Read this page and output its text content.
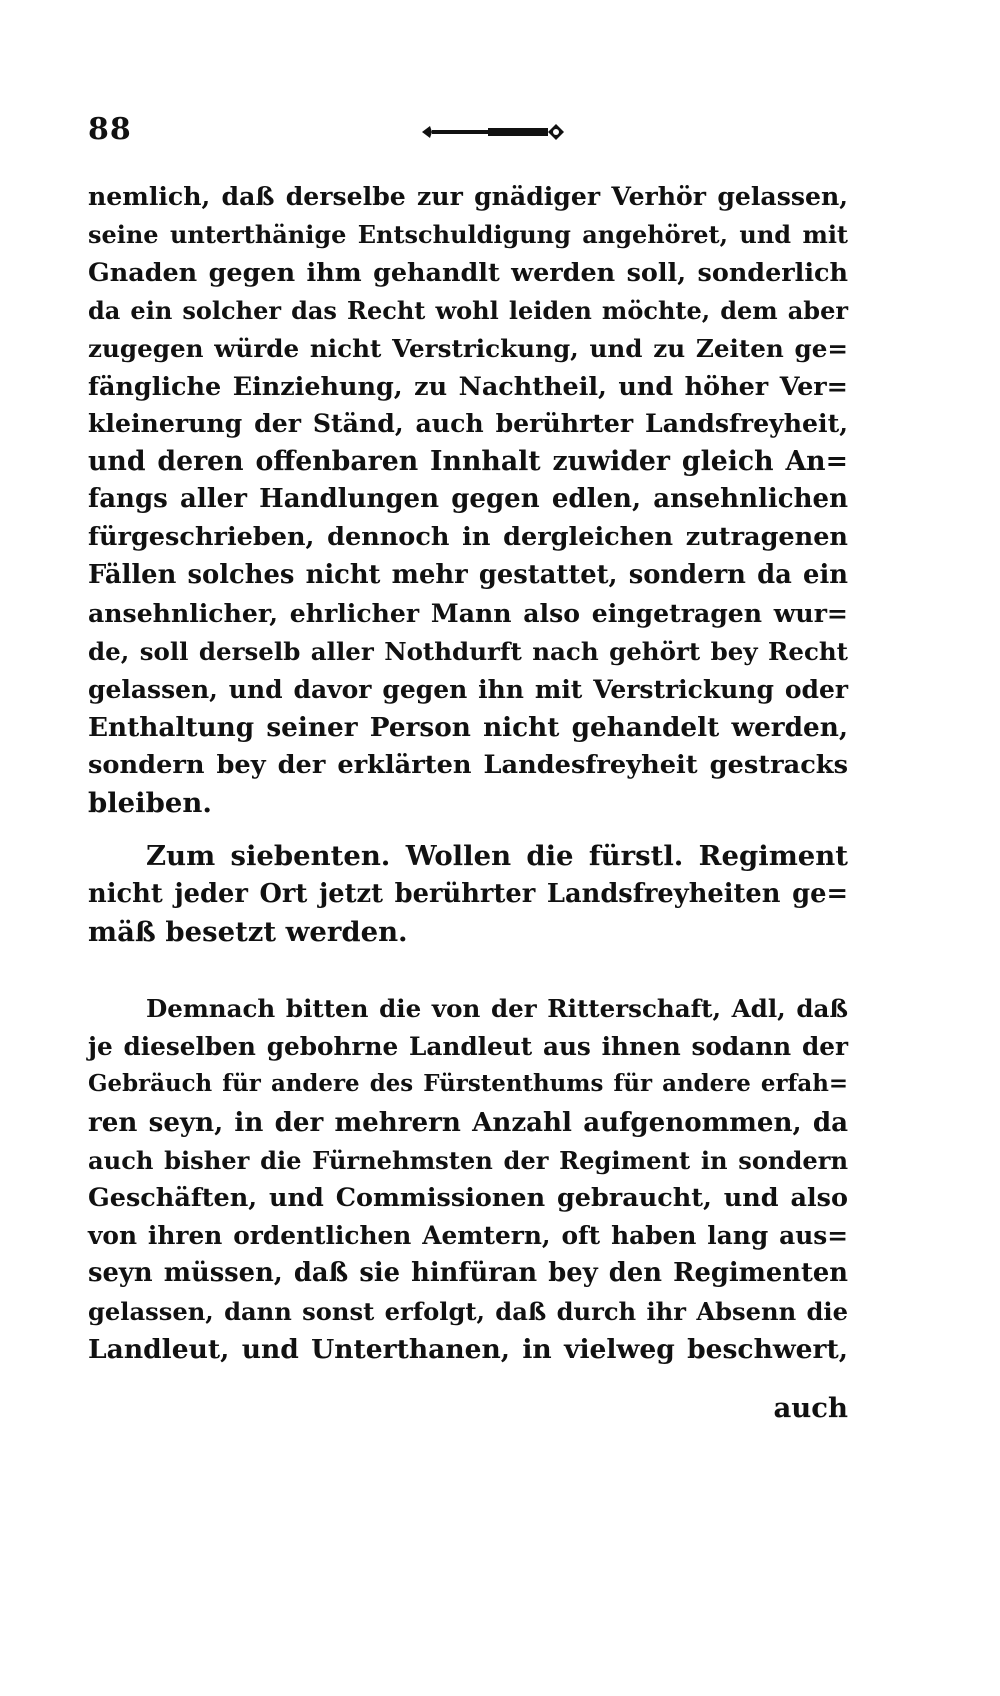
88
nemlich, daß derselbe zur gnädiger Verhör gelassen,
seine unterthänige Entschuldigung angehöret, und mit
Gnaden gegen ihm gehandlt werden soll, sonderlich
da ein solcher das Recht wohl leiden möchte, dem aber
zugegen würde nicht Verstrickung, und zu Zeiten ge=
fängliche Einziehung, zu Nachtheil, und höher Ver=
kleinerung der Ständ, auch berührter Landsfreyheit,
und deren offenbaren Innhalt zuwider gleich An=
fangs aller Handlungen gegen edlen, ansehnlichen
fürgeschrieben, dennoch in dergleichen zutragenen
Fällen solches nicht mehr gestattet, sondern da ein
ansehnlicher, ehrlicher Mann also eingetragen wur=
de, soll derselb aller Nothdurft nach gehört bey Recht
gelassen, und davor gegen ihn mit Verstrickung oder
Enthaltung seiner Person nicht gehandelt werden,
sondern bey der erklärten Landesfreyheit gestracks
bleiben.
Zum siebenten. Wollen die fürstl. Regiment
nicht jeder Ort jetzt berührter Landsfreyheiten ge=
mäß besetzt werden.
Demnach bitten die von der Ritterschaft, Adl, daß
je dieselben gebohrne Landleut aus ihnen sodann der
Gebräuch für andere des Fürstenthums für andere erfah=
ren seyn, in der mehrern Anzahl aufgenommen, da
auch bisher die Fürnehmsten der Regiment in sondern
Geschäften, und Commissionen gebraucht, und also
von ihren ordentlichen Aemtern, oft haben lang aus=
seyn müssen, daß sie hinfüran bey den Regimenten
gelassen, dann sonst erfolgt, daß durch ihr Absenn die
Landleut, und Unterthanen, in vielweg beschwert,
auch
